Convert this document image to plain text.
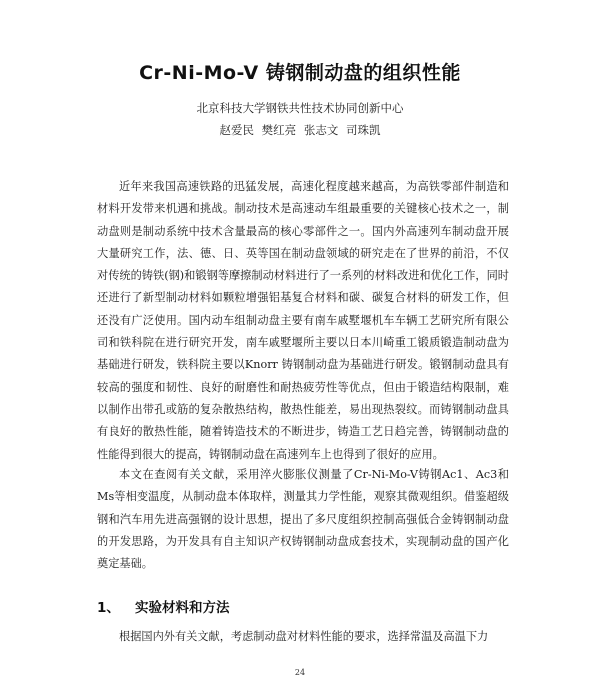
Cr-Ni-Mo-V 铸钢制动盘的组织性能
北京科技大学钢铁共性技术协同创新中心
赵爱民 樊红亮 张志文 司珠凯

近年来我国高速铁路的迅猛发展，高速化程度越来越高，为高铁零部件制造和材料开发带来机遇和挑战。制动技术是高速动车组最重要的关键核心技术之一，制动盘则是制动系统中技术含量最高的核心零部件之一。国内外高速列车制动盘开展大量研究工作，法、德、日、英等国在制动盘领域的研究走在了世界的前沿，不仅对传统的铸铁(钢)和锻钢等摩擦制动材料进行了一系列的材料改进和优化工作，同时还进行了新型制动材料如颗粒增强铝基复合材料和碳、碳复合材料的研发工作，但还没有广泛使用。国内动车组制动盘主要有南车戚墅堰机车车辆工艺研究所有限公司和铁科院在进行研究开发，南车戚墅堰所主要以日本川崎重工锻质锻造制动盘为基础进行研发，铁科院主要以Knorr 铸钢制动盘为基础进行研发。锻钢制动盘具有较高的强度和韧性、良好的耐磨性和耐热疲劳性等优点，但由于锻造结构限制，难以制作出带孔或筋的复杂散热结构，散热性能差，易出现热裂纹。而铸钢制动盘具有良好的散热性能，随着铸造技术的不断进步，铸造工艺日趋完善，铸钢制动盘的性能得到很大的提高，铸钢制动盘在高速列车上也得到了很好的应用。

本文在查阅有关文献，采用淬火膨胀仪测量了Cr-Ni-Mo-V铸钢Ac1、Ac3和Ms等相变温度，从制动盘本体取样，测量其力学性能，观察其微观组织。借鉴超级钢和汽车用先进高强钢的设计思想，提出了多尺度组织控制高强低合金铸钢制动盘的开发思路，为开发具有自主知识产权铸钢制动盘成套技术，实现制动盘的国产化奠定基础。

1、 实验材料和方法

根据国内外有关文献，考虑制动盘对材料性能的要求，选择常温及高温下力

24
